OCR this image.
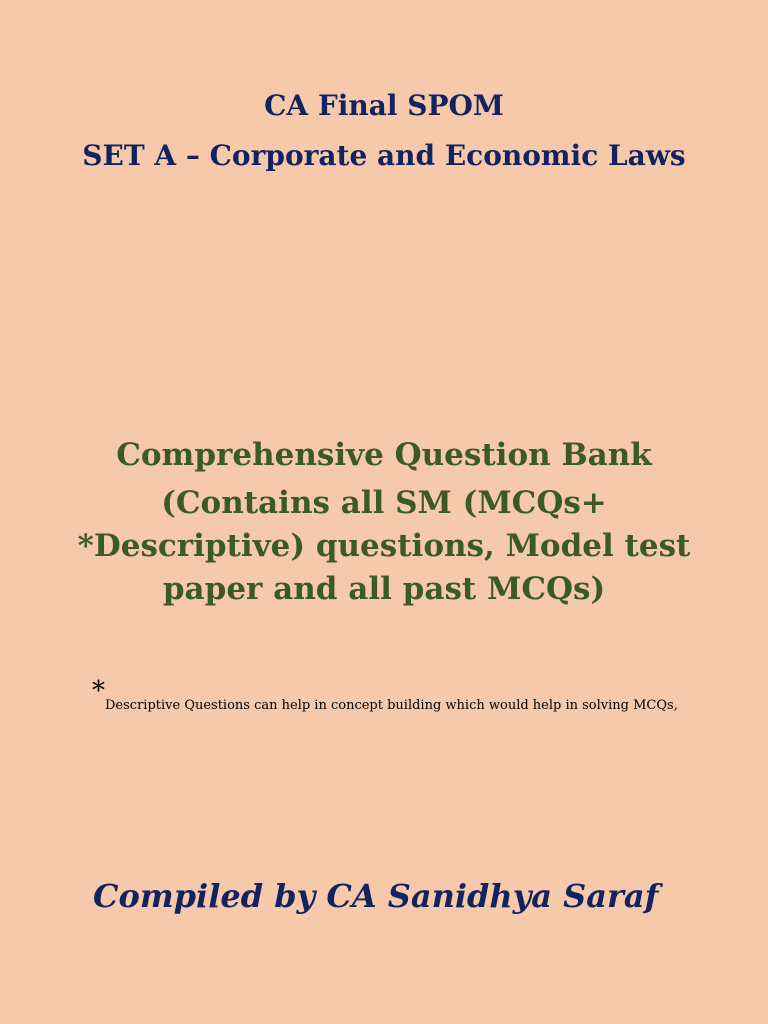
CA Final SPOM
SET A – Corporate and Economic Laws
Comprehensive Question Bank
(Contains all SM (MCQs+ *Descriptive) questions, Model test paper and all past MCQs)
$*_{Descriptive Questions can help in concept building which would help in solving MCQs,}$
Compiled by CA Sanidhya Saraf
